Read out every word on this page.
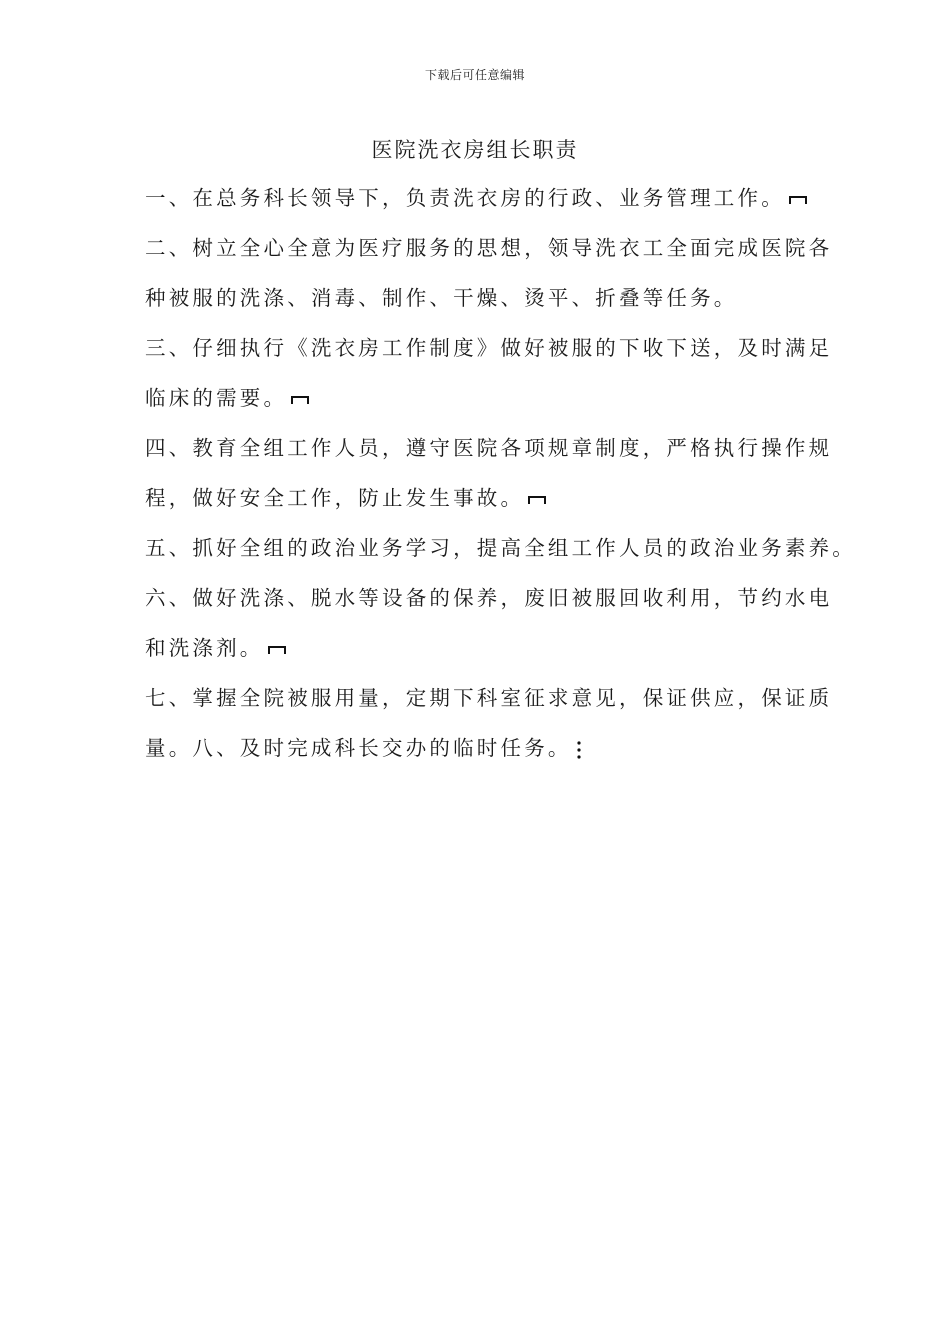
下载后可任意编辑
医院洗衣房组长职责
一、在总务科长领导下，负责洗衣房的行政、业务管理工作。
二、树立全心全意为医疗服务的思想，领导洗衣工全面完成医院各
种被服的洗涤、消毒、制作、干燥、烫平、折叠等任务。
三、仔细执行《洗衣房工作制度》做好被服的下收下送，及时满足
临床的需要。
四、教育全组工作人员，遵守医院各项规章制度，严格执行操作规
程，做好安全工作，防止发生事故。
五、抓好全组的政治业务学习，提高全组工作人员的政治业务素养。
六、做好洗涤、脱水等设备的保养，废旧被服回收利用，节约水电
和洗涤剂。
七、掌握全院被服用量，定期下科室征求意见，保证供应，保证质
量。八、及时完成科长交办的临时任务。
